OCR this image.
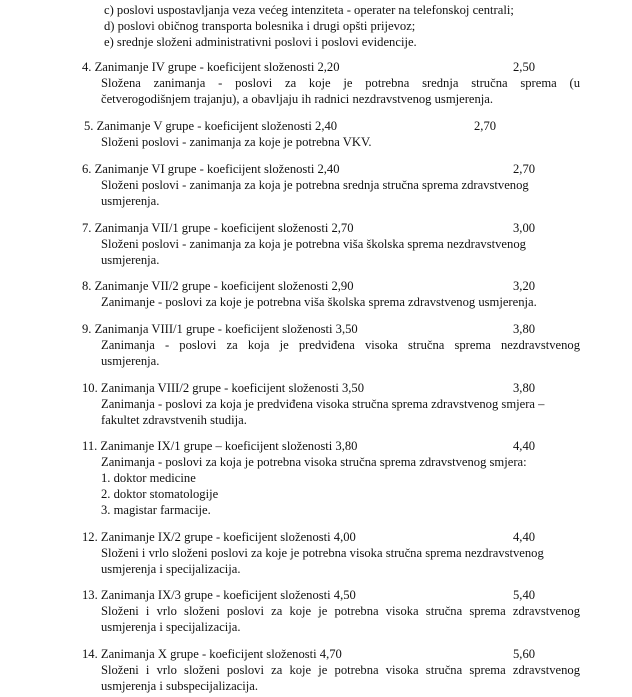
c) poslovi uspostavljanja veza većeg intenziteta - operater na telefonskoj centrali;
d) poslovi običnog transporta bolesnika i drugi opšti prijevoz;
e) srednje složeni administrativni poslovi i poslovi evidencije.
4. Zanimanje IV grupe - koeficijent složenosti 2,20	2,50
Složena zanimanja - poslovi za koje je potrebna srednja stručna sprema (u
četverogodišnjem trajanju), a obavljaju ih radnici nezdravstvenog usmjerenja.
5. Zanimanje V grupe - koeficijent složenosti 2,40	2,70
Složeni poslovi - zanimanja za koje je potrebna VKV.
6. Zanimanje VI grupe - koeficijent složenosti 2,40	2,70
Složeni poslovi - zanimanja za koja je potrebna srednja stručna sprema zdravstvenog
usmjerenja.
7. Zanimanja VII/1 grupe - koeficijent složenosti 2,70	3,00
Složeni poslovi - zanimanja za koja je potrebna viša školska sprema nezdravstvenog
usmjerenja.
8. Zanimanje VII/2 grupe - koeficijent složenosti 2,90	3,20
Zanimanje - poslovi za koje je potrebna viša školska sprema zdravstvenog usmjerenja.
9. Zanimanja VIII/1 grupe - koeficijent složenosti 3,50	3,80
Zanimanja - poslovi za koja je predviđena visoka stručna sprema nezdravstvenog
usmjerenja.
10. Zanimanja VIII/2 grupe - koeficijent složenosti 3,50	3,80
Zanimanja - poslovi za koja je predviđena visoka stručna sprema zdravstvenog smjera –
fakultet zdravstvenih studija.
11. Zanimanje IX/1 grupe – koeficijent složenosti 3,80	4,40
Zanimanja - poslovi za koja je potrebna visoka stručna sprema zdravstvenog smjera:
1. doktor medicine
2. doktor stomatologije
3. magistar farmacije.
12. Zanimanje IX/2 grupe - koeficijent složenosti 4,00	4,40
Složeni i vrlo složeni poslovi za koje je potrebna visoka stručna sprema nezdravstvenog
usmjerenja i specijalizacija.
13. Zanimanja IX/3 grupe - koeficijent složenosti 4,50	5,40
Složeni i vrlo složeni poslovi za koje je potrebna visoka stručna sprema zdravstvenog
usmjerenja i specijalizacija.
14. Zanimanja X grupe - koeficijent složenosti 4,70	5,60
Složeni i vrlo složeni poslovi za koje je potrebna visoka stručna sprema zdravstvenog
usmjerenja i subspecijalizacija.
